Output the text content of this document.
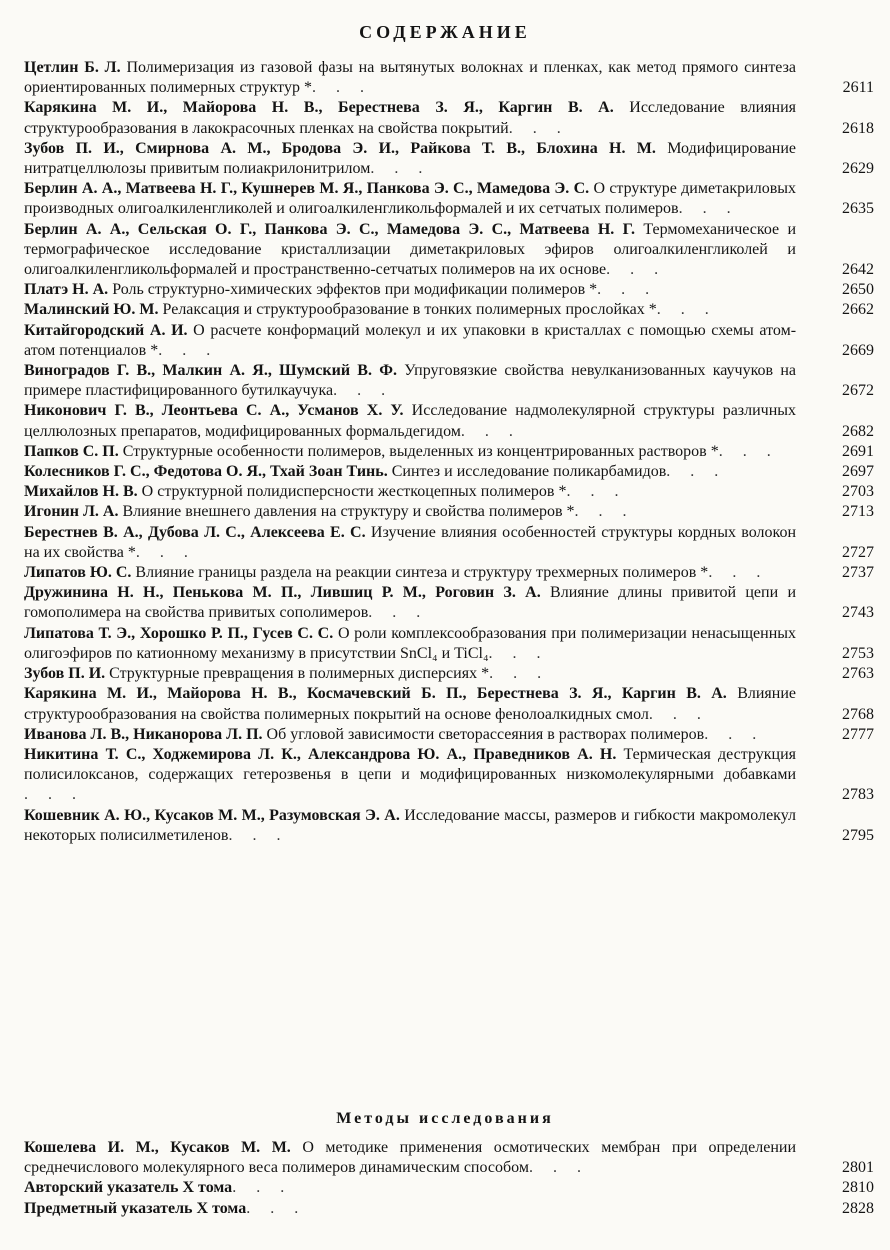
СОДЕРЖАНИЕ
Цетлин Б. Л. Полимеризация из газовой фазы на вытянутых волокнах и пленках, как метод прямого синтеза ориентированных полимерных структур *. . .	2611
Карякина М. И., Майорова Н. В., Берестнева З. Я., Каргин В. А. Исследование влияния структурообразования в лакокрасочных пленках на свойства покрытий. . .	2618
Зубов П. И., Смирнова А. М., Бродова Э. И., Райкова Т. В., Блохина Н. М. Модифицирование нитратцеллюлозы привитым полиакрилонитрилом. . .	2629
Берлин А. А., Матвеева Н. Г., Кушнерев М. Я., Панкова Э. С., Мамедова Э. С. О структуре диметакриловых производных олигоалкиленгликолей и олигоалкиленгликольформалей и их сетчатых полимеров. . .	2635
Берлин А. А., Сельская О. Г., Панкова Э. С., Мамедова Э. С., Матвеева Н. Г. Термомеханическое и термографическое исследование кристаллизации диметакриловых эфиров олигоалкиленгликолей и олигоалкиленгликольформалей и пространственно-сетчатых полимеров на их основе. . .	2642
Платэ Н. А. Роль структурно-химических эффектов при модификации полимеров *. . .	2650
Малинский Ю. М. Релаксация и структурообразование в тонких полимерных прослойках *. . .	2662
Китайгородский А. И. О расчете конформаций молекул и их упаковки в кристаллах с помощью схемы атом-атом потенциалов *. . .	2669
Виноградов Г. В., Малкин А. Я., Шумский В. Ф. Упруговязкие свойства невулканизованных каучуков на примере пластифицированного бутилкаучука. . .	2672
Никонович Г. В., Леонтьева С. А., Усманов Х. У. Исследование надмолекулярной структуры различных целлюлозных препаратов, модифицированных формальдегидом. . .	2682
Папков С. П. Структурные особенности полимеров, выделенных из концентрированных растворов *. . .	2691
Колесников Г. С., Федотова О. Я., Тхай Зоан Тинь. Синтез и исследование поликарбамидов. . .	2697
Михайлов Н. В. О структурной полидисперсности жесткоцепных полимеров *. . .	2703
Игонин Л. А. Влияние внешнего давления на структуру и свойства полимеров *. . .	2713
Берестнев В. А., Дубова Л. С., Алексеева Е. С. Изучение влияния особенностей структуры кордных волокон на их свойства *. . .	2727
Липатов Ю. С. Влияние границы раздела на реакции синтеза и структуру трехмерных полимеров *. . .	2737
Дружинина Н. Н., Пенькова М. П., Лившиц Р. М., Роговин З. А. Влияние длины привитой цепи и гомополимера на свойства привитых сополимеров. . .	2743
Липатова Т. Э., Хорошко Р. П., Гусев С. С. О роли комплексообразования при полимеризации ненасыщенных олигоэфиров по катионному механизму в присутствии SnCl₄ и TiCl₄. . .	2753
Зубов П. И. Структурные превращения в полимерных дисперсиях *. . .	2763
Карякина М. И., Майорова Н. В., Космачевский Б. П., Берестнева З. Я., Каргин В. А. Влияние структурообразования на свойства полимерных покрытий на основе фенолоалкидных смол. . .	2768
Иванова Л. В., Никанорова Л. П. Об угловой зависимости светорассеяния в растворах полимеров. . .	2777
Никитина Т. С., Ходжемирова Л. К., Александрова Ю. А., Праведников А. Н. Термическая деструкция полисилоксанов, содержащих гетерозвенья в цепи и модифицированных низкомолекулярными добавками. . .	2783
Кошевник А. Ю., Кусаков М. М., Разумовская Э. А. Исследование массы, размеров и гибкости макромолекул некоторых полисилметиленов. . .	2795
Методы исследования
Кошелева И. М., Кусаков М. М. О методике применения осмотических мембран при определении среднечислового молекулярного веса полимеров динамическим способом. . .	2801
Авторский указатель X тома. . .	2810
Предметный указатель X тома. . .	2828
